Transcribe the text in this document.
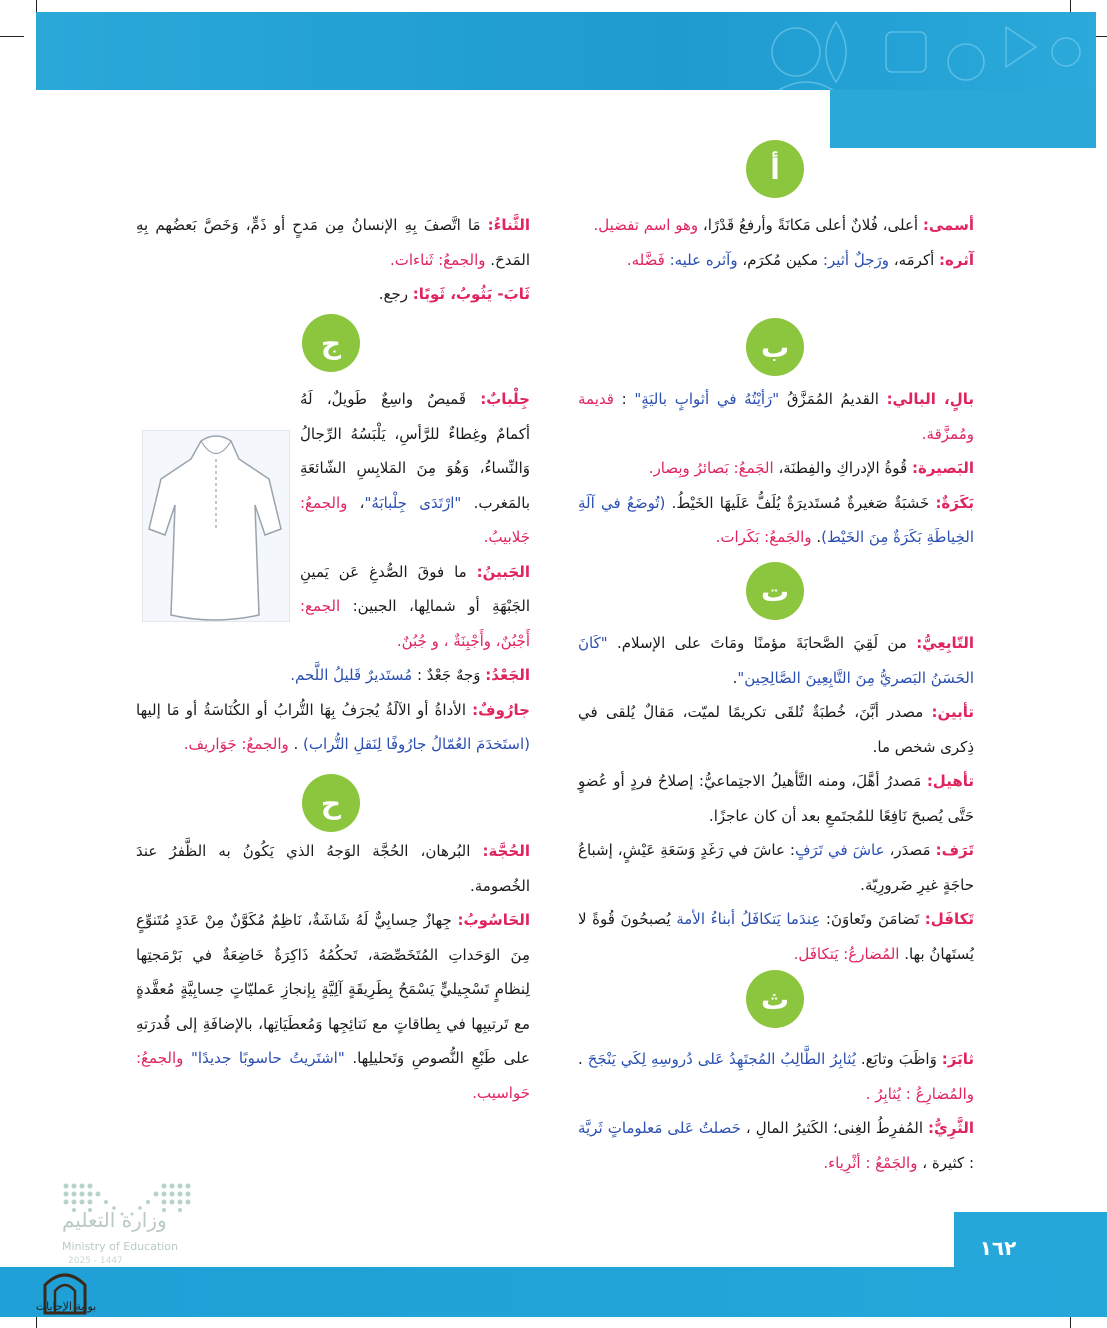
أ
ب
ت
ث
ج
ح

أسمى: أعلى، فُلانٌ أعلى مَكانَةً وأرفعُ قَدْرًا، وهو اسم تفضيل.

آثره: أكرمَه، ورَجلٌ أثير: مكين مُكرَم، وآثره عليه: فَضَّله.

بالٍ، البالي: القديمُ المُمَزَّقُ "رَأيْتُهُ في أثوابٍ باليَةٍ" : قديمة ومُمزَّقة.

البَصيرة: قُوةُ الإدراكِ والفِطنَة، الجَمعُ: بَصائرُ وبِصار.

بَكَرَةٌ: خَشبَةٌ صَغيرةٌ مُستَديرَةٌ يُلَفُّ عَلَيهَا الخَيْطُ. (تُوضَعُ في آلَةِ الخِياطَةِ بَكَرَةٌ مِنَ الخَيْط). والجَمعُ: بَكَرات.

التّابِعِيُّ: من لَقِيَ الصَّحابَةَ مؤمنًا ومَاتَ على الإسلام. "كَانَ الحَسَنُ البَصريُّ مِنَ التَّابِعِينَ الصَّالِحِين".

تأبين: مصدر أبَّنَ، خُطبَةٌ تُلقَى تكريمًا لميّت، مَقالٌ يُلقى في ذِكرى شخص ما.

تأهيل: مَصدرُ أهَّلَ، ومنه التَّأهيلُ الاجتِماعيُّ: إصلاحُ فردٍ أو عُضوٍ حَتَّى يُصبحَ نَافِعًا للمُجتَمعِ بعد أن كان عاجزًا.

تَرَف: مَصدَر، عاشَ في تَرَفٍ: عاشَ في رَغَدٍ وَسَعَةِ عَيْشٍ، إشباعُ حاجَةٍ غيرِ ضَرورِيّة.

تَكافَل: تَضامَنَ وتَعاوَنَ: عِندَما يَتكافَلُ أبناءُ الأمة يُصبحُونَ قُوةً لا يُستَهانُ بها. المُضارعُ: يَتكافَل.

ثابَرَ: وَاظَبَ وتابَع. يُثابِرُ الطَّالِبُ المُجتَهِدُ عَلى دُروسِهِ لِكَي يَنْجَحَ . والمُضارِعُ : يُثابِرُ .

الثَّرِيُّ: المُفرِطُ الغِنى؛ الكَثيرُ المالِ ، حَصلتُ عَلى مَعلوماتٍ ثَريَّة : كثيرة ، والجَمْعُ : أثْرِياء.

الثَّناءُ: مَا اتَّصفَ بِهِ الإنسانُ مِن مَدحٍ أو ذَمٍّ، وَخَصَّ بَعضُهم بِهِ المَدحَ. والجمعُ: ثَناءات.

ثَابَ- يَثُوبُ، ثَوبًا: رجع.

جِلْبابٌ: قَميصٌ واسِعٌ طَويلٌ، لَهُ أكمامٌ وغِطاءٌ للرَّأسِ، يَلْبَسُهُ الرِّجالُ وَالنِّساءُ، وَهُوَ مِنَ المَلابِسِ الشّائعَةِ بالمَغرب. "ارْتَدَى جِلْبابَهُ"، والجمعُ: جَلابيبُ.

الجَبينُ: ما فوقَ الصُّدغِ عَن يَمينِ الجَبْهَةِ أو شمالِها، الجبين: الجمع: أَجْبُنٌ، وأَجْبِنَةٌ ، و جُبُنٌ.

الجَعْدُ: وَجهٌ جَعْدٌ : مُستَديرٌ قَليلُ اللَّحم.

جارُوفٌ: الأداةُ أو الآلَةُ يُجرَفُ بِهَا التُّرابُ أو الكُنَاسَةُ أو مَا إليها (استَخدَمَ العُمّالُ جارُوفًا لِنَقلِ التُّراب) . والجمعُ: جَوَاريف.

الحُجَّة: البُرهان، الحُجَّة الوَجهُ الذي يَكُونُ به الظَّفرُ عندَ الخُصومة.

الحَاسُوبُ: جِهازٌ حِسابِيٌّ لَهُ شَاشَةٌ، نَاظِمٌ مُكَوَّنٌ مِنْ عَدَدٍ مُتَنوِّعٍ مِنَ الوَحَداتِ المُتَخَصِّصَة، تَحكُمُهُ ذَاكِرَةٌ خَاضِعَةٌ في بَرْمَجتِها لِنظامٍ تَسْجِيليٍّ يَسْمَحُ بِطَرِيقَةٍ آلِيَّةٍ بِإنجازِ عَمليّاتٍ حِسابِيَّةٍ مُعقَّدةٍ مع تَرتيبِها في بِطاقاتٍ مع نَتائِجِها وَمُعطَيَاتِها، بالإضافَةِ إلى قُدرَتهِ على طَبْعِ النُّصوصِ وَتَحليلِها. "اشتَريتُ حاسوبًا جديدًا" والجمعُ: حَواسيب.

وزارة التعليم
Ministry of Education
2025 - 1447
١٦٢
بوابة الإجابات
